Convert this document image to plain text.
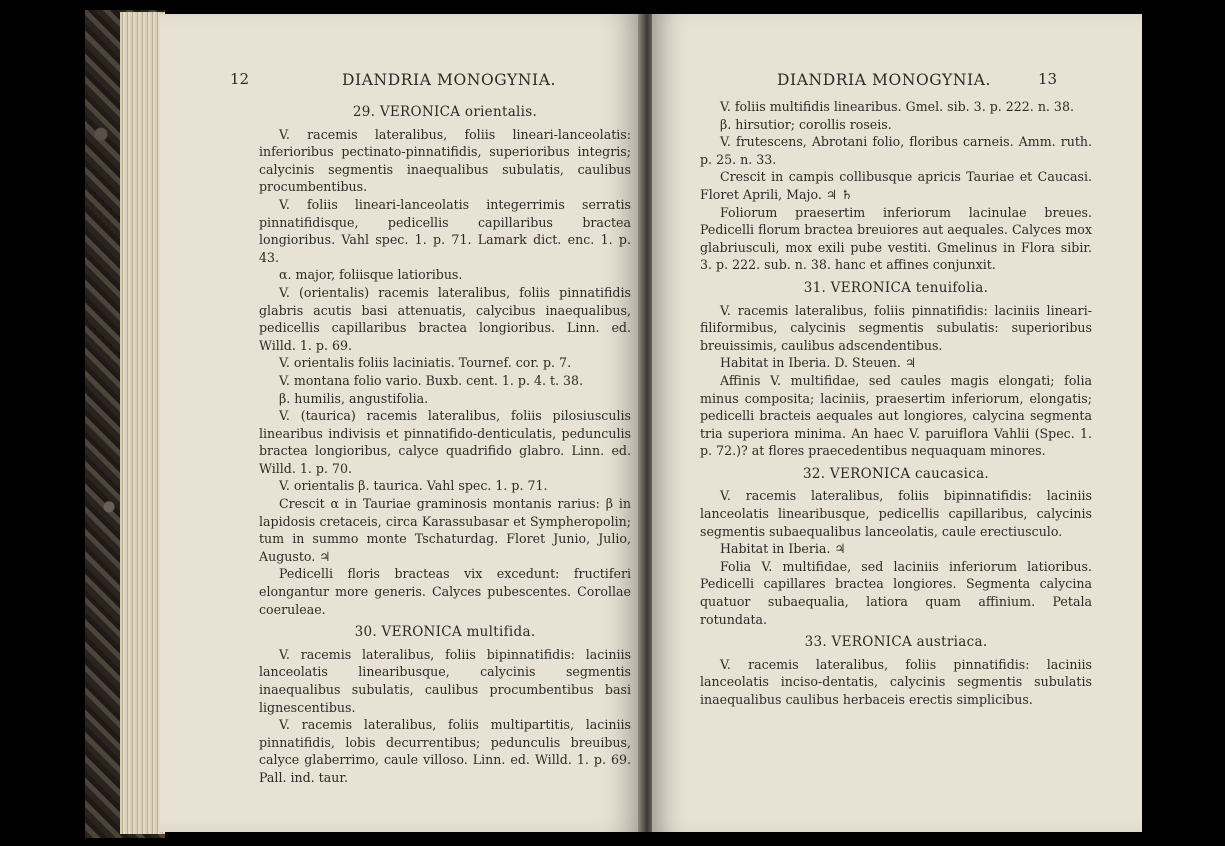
12	DIANDRIA MONOGYNIA.
29. VERONICA orientalis.
V. racemis lateralibus, foliis lineari-lanceolatis: inferioribus pectinato-pinnatifidis, superioribus integris; calycinis segmentis inaequalibus subulatis, caulibus procumbentibus.
V. foliis lineari-lanceolatis integerrimis serratis pinnatifidisque, pedicellis capillaribus bractea longioribus. Vahl spec. 1. p. 71. Lamark dict. enc. 1. p. 43.
α. major, foliisque latioribus.
V. (orientalis) racemis lateralibus, foliis pinnatifidis glabris acutis basi attenuatis, calycibus inaequalibus, pedicellis capillaribus bractea longioribus. Linn. ed. Willd. 1. p. 69.
V. orientalis foliis laciniatis. Tournef. cor. p. 7.
V. montana folio vario. Buxb. cent. 1. p. 4. t. 38.
β. humilis, angustifolia.
V. (taurica) racemis lateralibus, foliis pilosiusculis linearibus indivisis et pinnatifido-denticulatis, pedunculis bractea longioribus, calyce quadrifido glabro. Linn. ed. Willd. 1. p. 70.
V. orientalis β. taurica. Vahl spec. 1. p. 71.
Crescit α in Tauriae graminosis montanis rarius: β in lapidosis cretaceis, circa Karassubasar et Sympheropolin; tum in summo monte Tschaturdag. Floret Junio, Julio, Augusto. ♃
Pedicelli floris bracteas vix excedunt: fructiferi elongantur more generis. Calyces pubescentes. Corollae coeruleae.
30. VERONICA multifida.
V. racemis lateralibus, foliis bipinnatifidis: laciniis lanceolatis linearibusque, calycinis segmentis inaequalibus subulatis, caulibus procumbentibus basi lignescentibus.
V. racemis lateralibus, foliis multipartitis, laciniis pinnatifidis, lobis decurrentibus; pedunculis breuibus, calyce glaberrimo, caule villoso. Linn. ed. Willd. 1. p. 69. Pall. ind. taur.
DIANDRIA MONOGYNIA.	13
V. foliis multifidis linearibus. Gmel. sib. 3. p. 222. n. 38.
β. hirsutior; corollis roseis.
V. frutescens, Abrotani folio, floribus carneis. Amm. ruth. p. 25. n. 33.
Crescit in campis collibusque apricis Tauriae et Caucasi. Floret Aprili, Majo. ♃ ♄
Foliorum praesertim inferiorum lacinulae breues. Pedicelli florum bractea breuiores aut aequales. Calyces mox glabriusculi, mox exili pube vestiti. Gmelinus in Flora sibir. 3. p. 222. sub. n. 38. hanc et affines conjunxit.
31. VERONICA tenuifolia.
V. racemis lateralibus, foliis pinnatifidis: laciniis lineari-filiformibus, calycinis segmentis subulatis: superioribus breuissimis, caulibus adscendentibus.
Habitat in Iberia. D. Steuen. ♃
Affinis V. multifidae, sed caules magis elongati; folia minus composita; laciniis, praesertim inferiorum, elongatis; pedicelli bracteis aequales aut longiores, calycina segmenta tria superiora minima. An haec V. paruiflora Vahlii (Spec. 1. p. 72.)? at flores praecedentibus nequaquam minores.
32. VERONICA caucasica.
V. racemis lateralibus, foliis bipinnatifidis: laciniis lanceolatis linearibusque, pedicellis capillaribus, calycinis segmentis subaequalibus lanceolatis, caule erectiusculo.
Habitat in Iberia. ♃
Folia V. multifidae, sed laciniis inferiorum latioribus. Pedicelli capillares bractea longiores. Segmenta calycina quatuor subaequalia, latiora quam affinium. Petala rotundata.
33. VERONICA austriaca.
V. racemis lateralibus, foliis pinnatifidis: laciniis lanceolatis inciso-dentatis, calycinis segmentis subulatis inaequalibus caulibus herbaceis erectis simplicibus.
